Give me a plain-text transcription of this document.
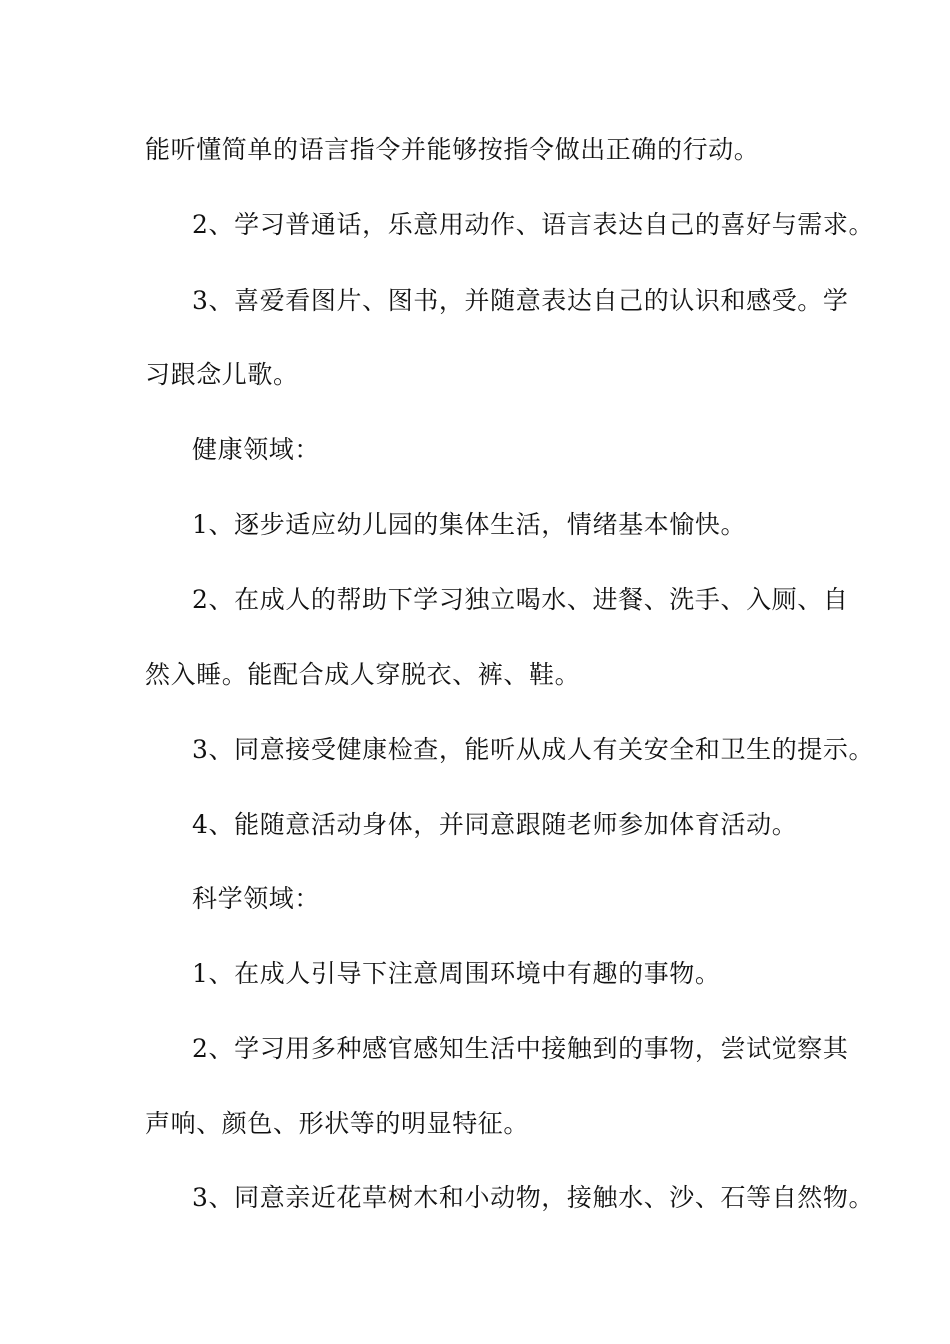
能听懂简单的语言指令并能够按指令做出正确的行动。
2、学习普通话，乐意用动作、语言表达自己的喜好与需求。
3、喜爱看图片、图书，并随意表达自己的认识和感受。学
习跟念儿歌。
健康领域：
1、逐步适应幼儿园的集体生活，情绪基本愉快。
2、在成人的帮助下学习独立喝水、进餐、洗手、入厕、自
然入睡。能配合成人穿脱衣、裤、鞋。
3、同意接受健康检查，能听从成人有关安全和卫生的提示。
4、能随意活动身体，并同意跟随老师参加体育活动。
科学领域：
1、在成人引导下注意周围环境中有趣的事物。
2、学习用多种感官感知生活中接触到的事物，尝试觉察其
声响、颜色、形状等的明显特征。
3、同意亲近花草树木和小动物，接触水、沙、石等自然物。
